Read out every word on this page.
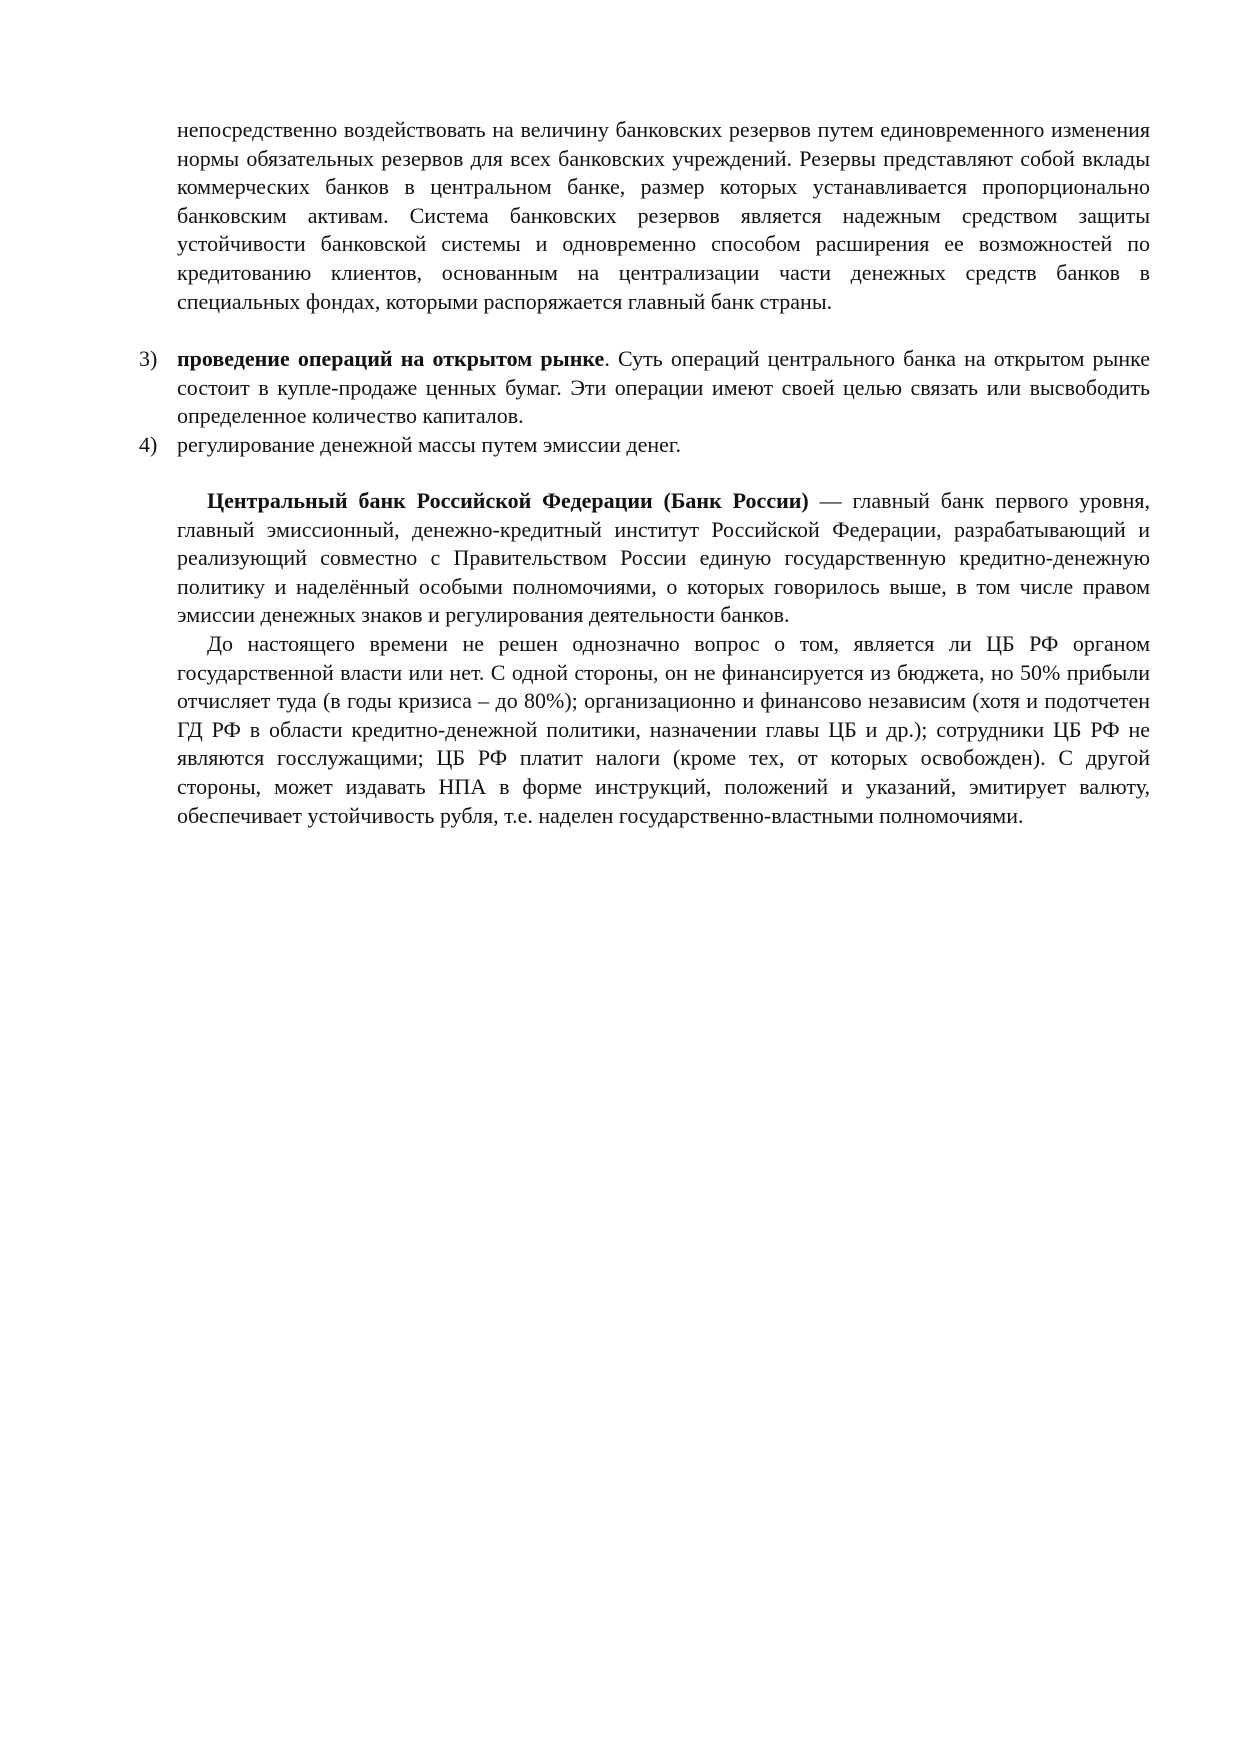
непосредственно воздействовать на величину банковских резервов путем единовременного изменения нормы обязательных резервов для всех банковских учреждений. Резервы представляют собой вклады коммерческих банков в центральном банке, размер которых устанавливается пропорционально банковским активам. Система банковских резервов является надежным средством защиты устойчивости банковской системы и одновременно способом расширения ее возможностей по кредитованию клиентов, основанным на централизации части денежных средств банков в специальных фондах, которыми распоряжается главный банк страны.

3) проведение операций на открытом рынке. Суть операций центрального банка на открытом рынке состоит в купле-продаже ценных бумаг. Эти операции имеют своей целью связать или высвободить определенное количество капиталов.
4) регулирование денежной массы путем эмиссии денег.

Центральный банк Российской Федерации (Банк России) — главный банк первого уровня, главный эмиссионный, денежно-кредитный институт Российской Федерации, разрабатывающий и реализующий совместно с Правительством России единую государственную кредитно-денежную политику и наделённый особыми полномочиями, о которых говорилось выше, в том числе правом эмиссии денежных знаков и регулирования деятельности банков.

До настоящего времени не решен однозначно вопрос о том, является ли ЦБ РФ органом государственной власти или нет. С одной стороны, он не финансируется из бюджета, но 50% прибыли отчисляет туда (в годы кризиса – до 80%); организационно и финансово независим (хотя и подотчетен ГД РФ в области кредитно-денежной политики, назначении главы ЦБ и др.); сотрудники ЦБ РФ не являются госслужащими; ЦБ РФ платит налоги (кроме тех, от которых освобожден). С другой стороны, может издавать НПА в форме инструкций, положений и указаний, эмитирует валюту, обеспечивает устойчивость рубля, т.е. наделен государственно-властными полномочиями.
